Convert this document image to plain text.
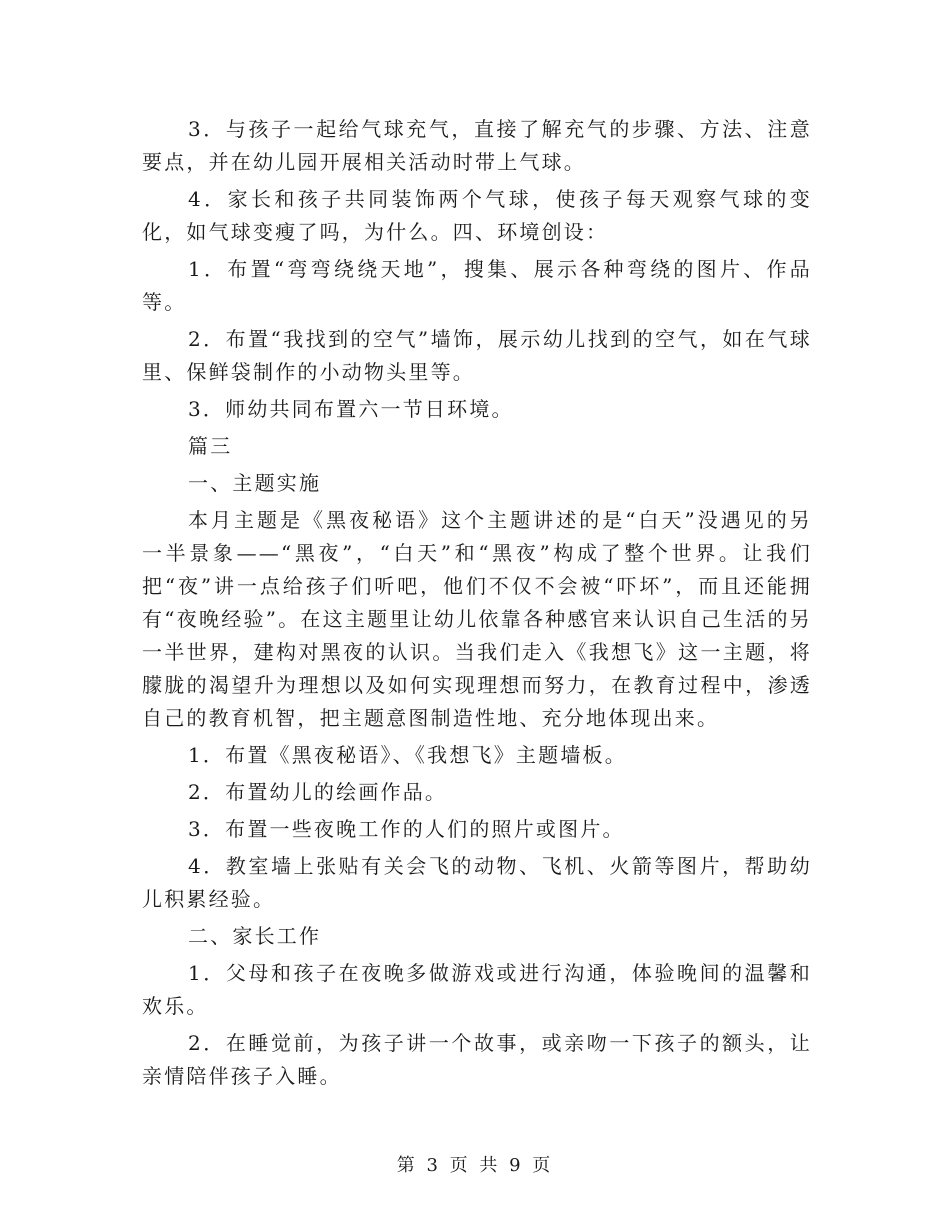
3．与孩子一起给气球充气，直接了解充气的步骤、方法、注意要点，并在幼儿园开展相关活动时带上气球。

4．家长和孩子共同装饰两个气球，使孩子每天观察气球的变化，如气球变瘦了吗，为什么。四、环境创设：

1．布置“弯弯绕绕天地”，搜集、展示各种弯绕的图片、作品等。

2．布置“我找到的空气”墙饰，展示幼儿找到的空气，如在气球里、保鲜袋制作的小动物头里等。

3．师幼共同布置六一节日环境。

篇三

一、主题实施

本月主题是《黑夜秘语》这个主题讲述的是“白天”没遇见的另一半景象——“黑夜”，“白天”和“黑夜”构成了整个世界。让我们把“夜”讲一点给孩子们听吧，他们不仅不会被“吓坏”，而且还能拥有“夜晚经验”。在这主题里让幼儿依靠各种感官来认识自己生活的另一半世界，建构对黑夜的认识。当我们走入《我想飞》这一主题，将朦胧的渴望升为理想以及如何实现理想而努力，在教育过程中，渗透自己的教育机智，把主题意图制造性地、充分地体现出来。

1．布置《黑夜秘语》、《我想飞》主题墙板。

2．布置幼儿的绘画作品。

3．布置一些夜晚工作的人们的照片或图片。

4．教室墙上张贴有关会飞的动物、飞机、火箭等图片，帮助幼儿积累经验。

二、家长工作

1．父母和孩子在夜晚多做游戏或进行沟通，体验晚间的温馨和欢乐。

2．在睡觉前，为孩子讲一个故事，或亲吻一下孩子的额头，让亲情陪伴孩子入睡。

第 3 页 共 9 页
